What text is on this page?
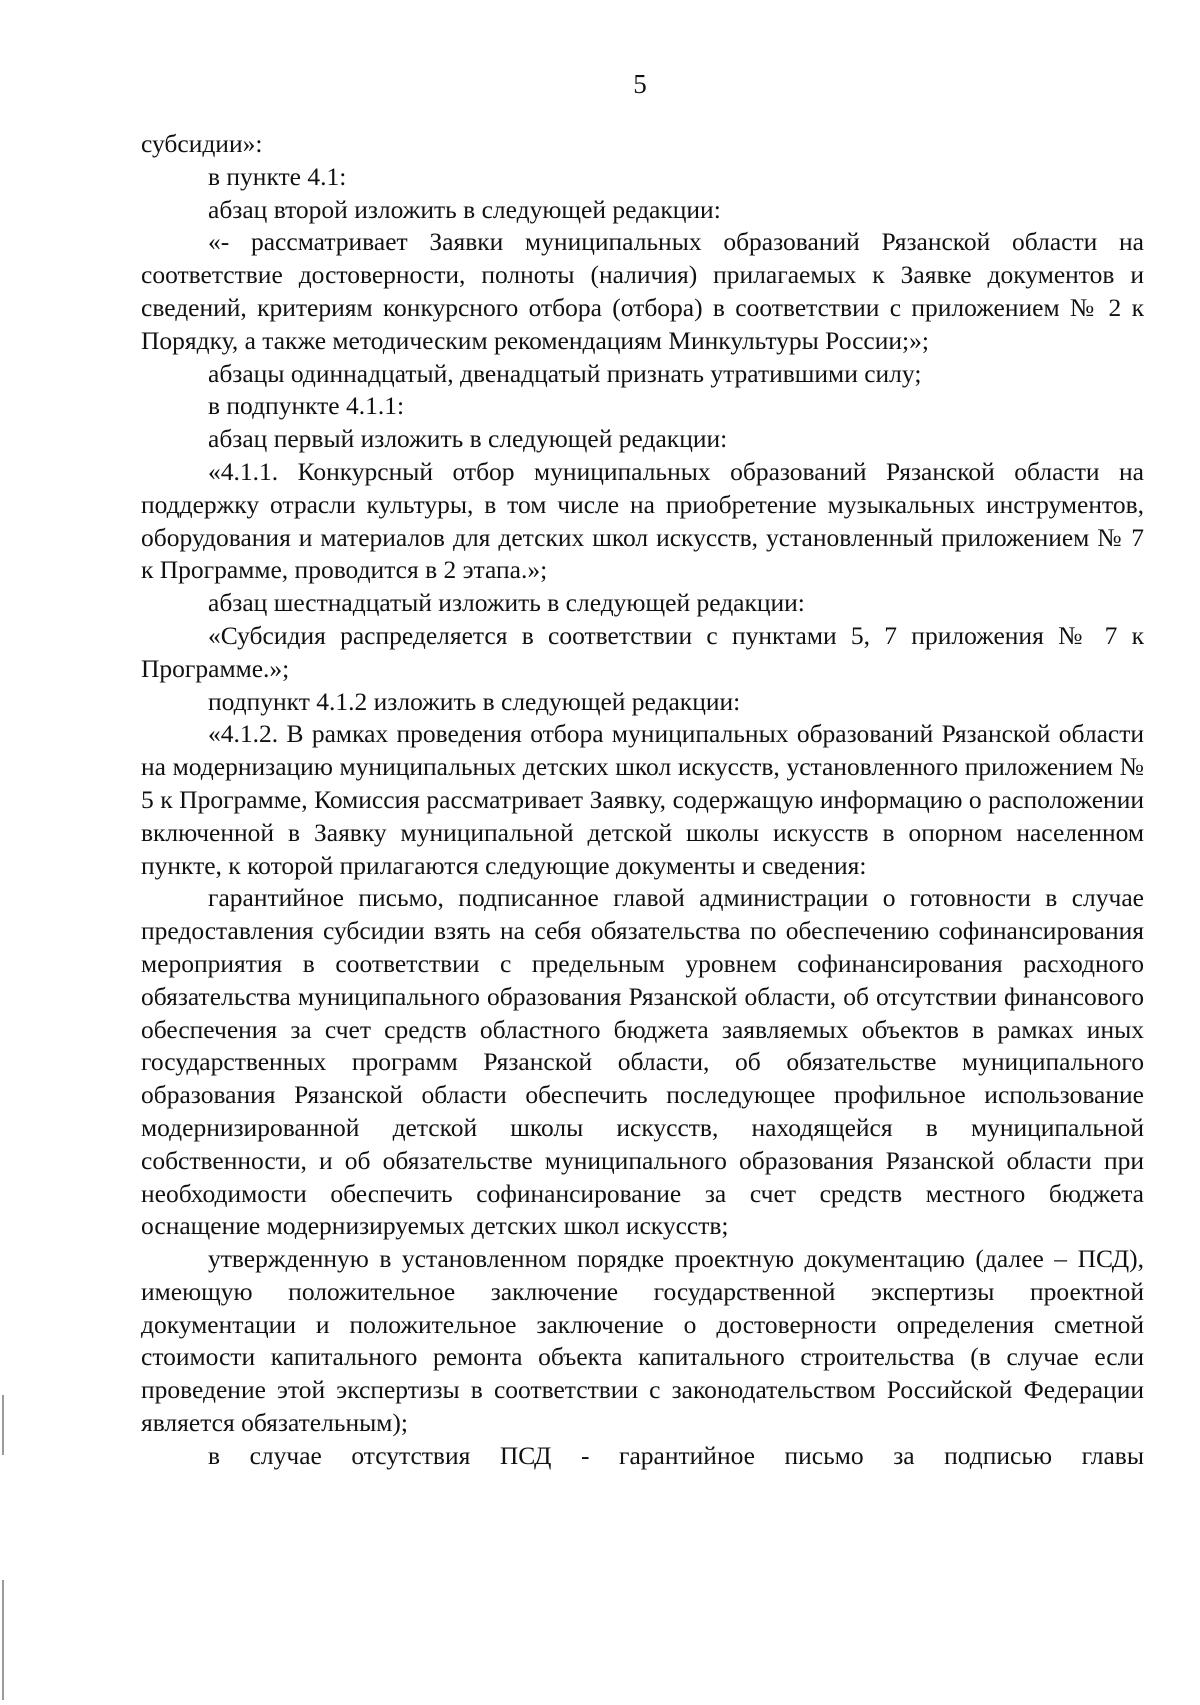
5

субсидии»:

в пункте 4.1:

абзац второй изложить в следующей редакции:

«- рассматривает Заявки муниципальных образований Рязанской области на соответствие достоверности, полноты (наличия) прилагаемых к Заявке документов и сведений, критериям конкурсного отбора (отбора) в соответствии с приложением № 2 к Порядку, а также методическим рекомендациям Минкультуры России;»;

абзацы одиннадцатый, двенадцатый признать утратившими силу;

в подпункте 4.1.1:

абзац первый изложить в следующей редакции:

«4.1.1. Конкурсный отбор муниципальных образований Рязанской области на поддержку отрасли культуры, в том числе на приобретение музыкальных инструментов, оборудования и материалов для детских школ искусств, установленный приложением № 7 к Программе, проводится в 2 этапа.»;

абзац шестнадцатый изложить в следующей редакции:

«Субсидия распределяется в соответствии с пунктами 5, 7 приложения № 7 к Программе.»;

подпункт 4.1.2 изложить в следующей редакции:

«4.1.2. В рамках проведения отбора муниципальных образований Рязанской области на модернизацию муниципальных детских школ искусств, установленного приложением № 5 к Программе, Комиссия рассматривает Заявку, содержащую информацию о расположении включенной в Заявку муниципальной детской школы искусств в опорном населенном пункте, к которой прилагаются следующие документы и сведения:

гарантийное письмо, подписанное главой администрации о готовности в случае предоставления субсидии взять на себя обязательства по обеспечению софинансирования мероприятия в соответствии с предельным уровнем софинансирования расходного обязательства муниципального образования Рязанской области, об отсутствии финансового обеспечения за счет средств областного бюджета заявляемых объектов в рамках иных государственных программ Рязанской области, об обязательстве муниципального образования Рязанской области обеспечить последующее профильное использование модернизированной детской школы искусств, находящейся в муниципальной собственности, и об обязательстве муниципального образования Рязанской области при необходимости обеспечить софинансирование за счет средств местного бюджета оснащение модернизируемых детских школ искусств;

утвержденную в установленном порядке проектную документацию (далее – ПСД), имеющую положительное заключение государственной экспертизы проектной документации и положительное заключение о достоверности определения сметной стоимости капитального ремонта объекта капитального строительства (в случае если проведение этой экспертизы в соответствии с законодательством Российской Федерации является обязательным);

в случае отсутствия ПСД - гарантийное письмо за подписью главы
